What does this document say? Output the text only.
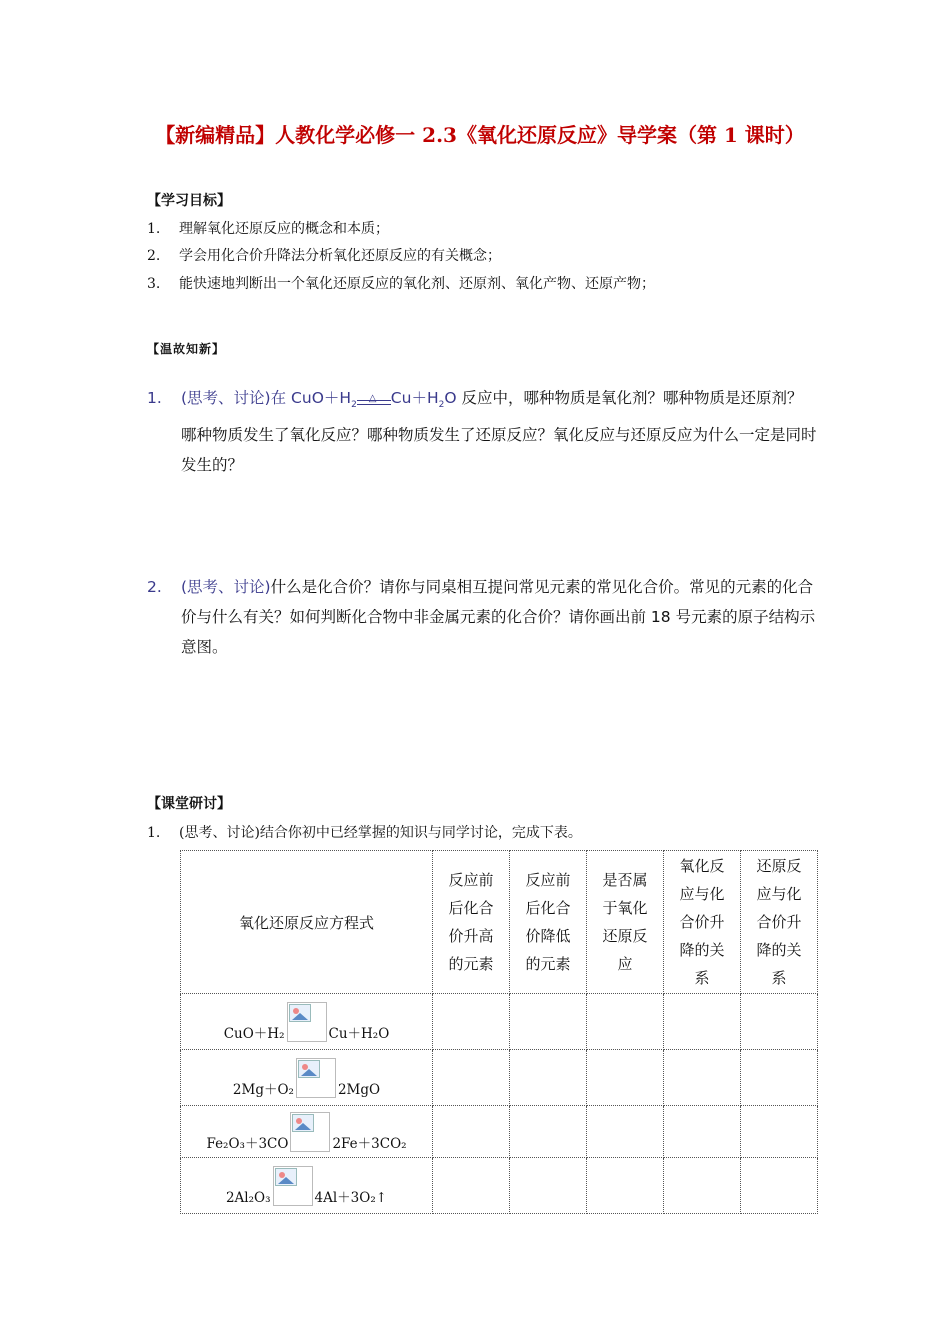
【新编精品】人教化学必修一 2.3《氧化还原反应》导学案（第 1 课时）
【学习目标】
1. 理解氧化还原反应的概念和本质；
2. 学会用化合价升降法分析氧化还原反应的有关概念；
3. 能快速地判断出一个氧化还原反应的氧化剂、还原剂、氧化产物、还原产物；
【温故知新】
1. (思考、讨论)在 $CuO+H_2$
△ $Cu+H_2O$ 反应中，哪种物质是氧化剂？哪种物质是还原剂？哪种物质发生了氧化反应？哪种物质发生了还原反应？氧化反应与还原反应为什么一定是同时发生的？
2. (思考、讨论)什么是化合价？请你与同桌相互提问常见元素的常见化合价。常见的元素的化合价与什么有关？如何判断化合物中非金属元素的化合价？请你画出前 18 号元素的原子结构示意图。
【课堂研讨】
1. (思考、讨论)结合你初中已经掌握的知识与同学讨论，完成下表。
氧化还原反应方程式	反应前后化合价升高的元素	反应前后化合价降低的元素	是否属于氧化还原反应	氧化反应与化合价升降的关系	还原反应与化合价升降的关系

CuO＋H₂ Cu＋H₂O					
2Mg＋O₂ 2MgO					
Fe₂O₃＋3CO 2Fe＋3CO₂					
2Al₂O₃ 4Al＋3O₂↑					
